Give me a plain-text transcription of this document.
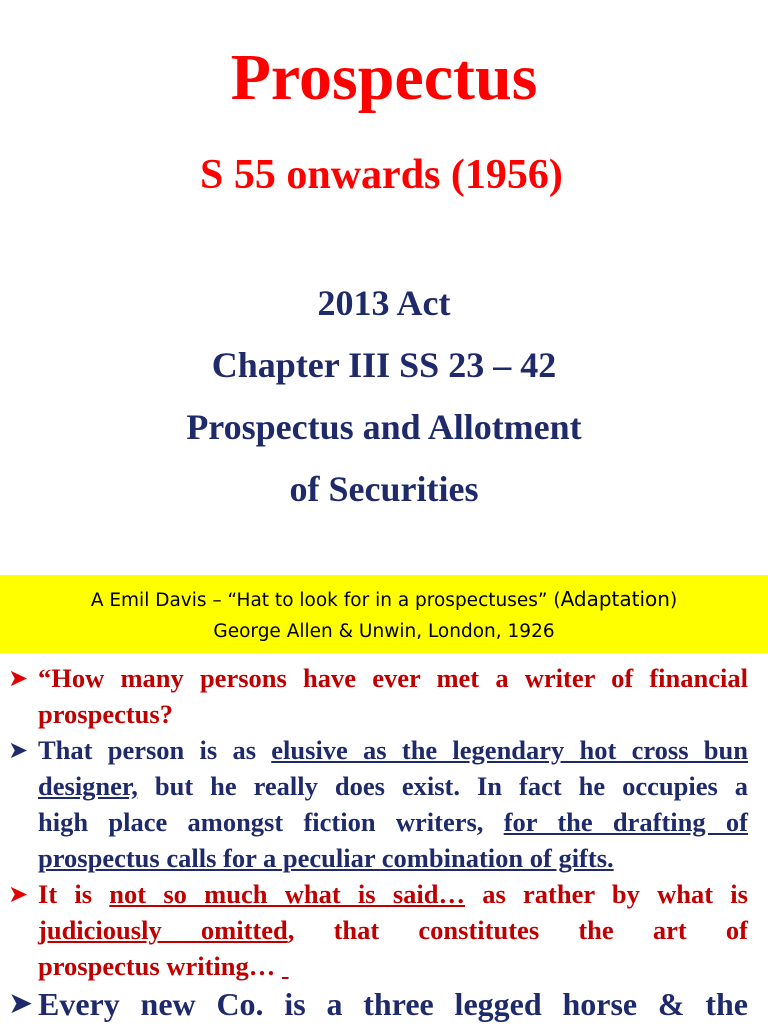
Prospectus
S 55 onwards (1956)
2013 Act
Chapter III SS 23 – 42
Prospectus and Allotment
of Securities
A Emil Davis – “Hat to look for in a prospectuses” (Adaptation)
George Allen & Unwin, London, 1926
➤ “How many persons have ever met a writer of financial
prospectus?
➤ That person is as elusive as the legendary hot cross bun
designer, but he really does exist. In fact he occupies a
high place amongst fiction writers, for the drafting of
prospectus calls for a peculiar combination of gifts.
➤ It is not so much what is said… as rather by what is
judiciously omitted, that constitutes the art of
prospectus writing…
➤ Every new Co. is a three legged horse & the
